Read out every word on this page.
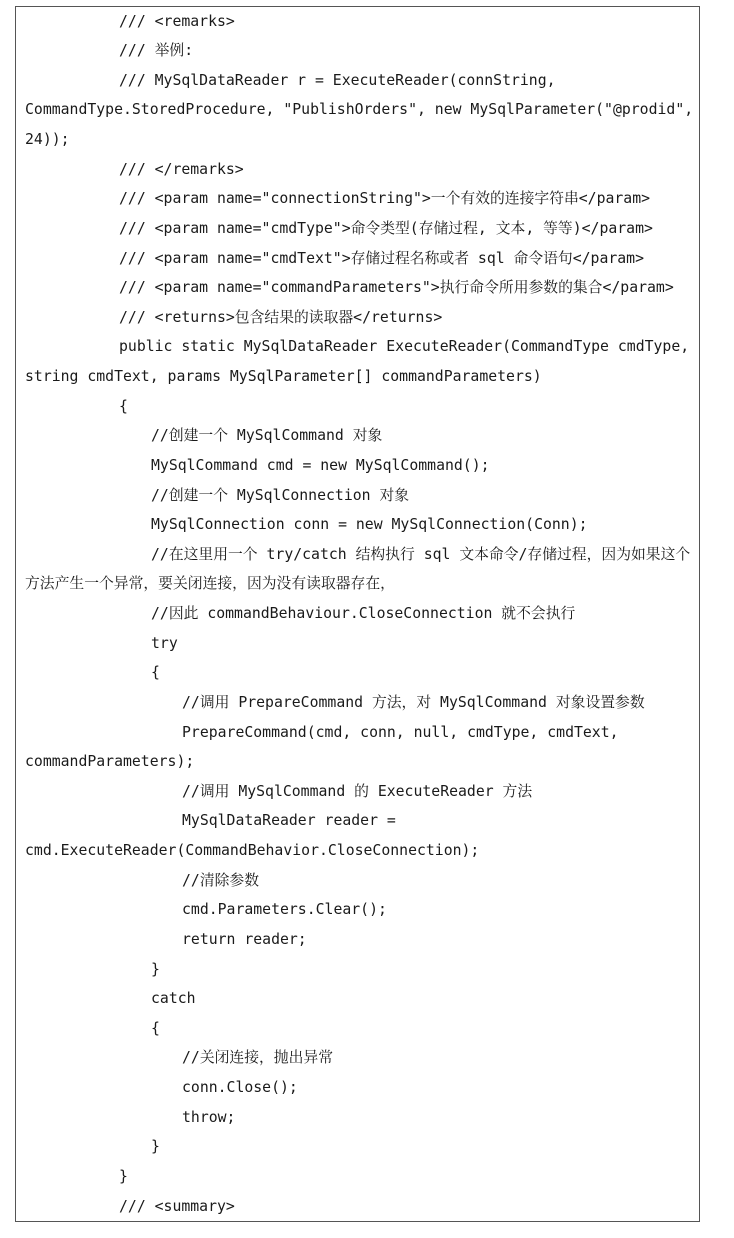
/// <remarks>
/// 举例:
/// MySqlDataReader r = ExecuteReader(connString,
CommandType.StoredProcedure, "PublishOrders", new MySqlParameter("@prodid",
24));
/// </remarks>
/// <param name="connectionString">一个有效的连接字符串</param>
/// <param name="cmdType">命令类型(存储过程, 文本, 等等)</param>
/// <param name="cmdText">存储过程名称或者 sql 命令语句</param>
/// <param name="commandParameters">执行命令所用参数的集合</param>
/// <returns>包含结果的读取器</returns>
public static MySqlDataReader ExecuteReader(CommandType cmdType,
string cmdText, params MySqlParameter[] commandParameters)
{
//创建一个 MySqlCommand 对象
MySqlCommand cmd = new MySqlCommand();
//创建一个 MySqlConnection 对象
MySqlConnection conn = new MySqlConnection(Conn);
//在这里用一个 try/catch 结构执行 sql 文本命令/存储过程，因为如果这个
方法产生一个异常，要关闭连接，因为没有读取器存在，
//因此 commandBehaviour.CloseConnection 就不会执行
try
{
//调用 PrepareCommand 方法，对 MySqlCommand 对象设置参数
PrepareCommand(cmd, conn, null, cmdType, cmdText,
commandParameters);
//调用 MySqlCommand 的 ExecuteReader 方法
MySqlDataReader reader =
cmd.ExecuteReader(CommandBehavior.CloseConnection);
//清除参数
cmd.Parameters.Clear();
return reader;
}
catch
{
//关闭连接，抛出异常
conn.Close();
throw;
}
}
/// <summary>
